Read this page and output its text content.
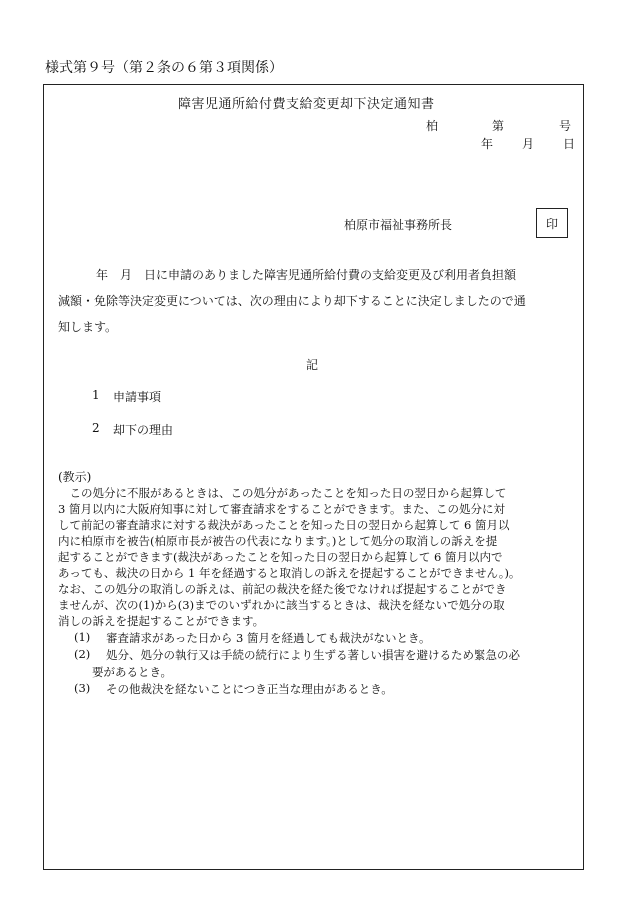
様式第９号（第２条の６第３項関係）
障害児通所給付費支給変更却下決定通知書
柏	第	号
年 月 日
柏原市福祉事務所長	印
年　月　日に申請のありました障害児通所給付費の支給変更及び利用者負担額
減額・免除等決定変更については、次の理由により却下することに決定しましたので通
知します。
記
1 申請事項
2 却下の理由
(教示)
　この処分に不服があるときは、この処分があったことを知った日の翌日から起算して
3 箇月以内に大阪府知事に対して審査請求をすることができます。また、この処分に対
して前記の審査請求に対する裁決があったことを知った日の翌日から起算して 6 箇月以
内に柏原市を被告(柏原市長が被告の代表になります。)として処分の取消しの訴えを提
起することができます(裁決があったことを知った日の翌日から起算して 6 箇月以内で
あっても、裁決の日から 1 年を経過すると取消しの訴えを提起することができません。)。
なお、この処分の取消しの訴えは、前記の裁決を経た後でなければ提起することができ
ませんが、次の(1)から(3)までのいずれかに該当するときは、裁決を経ないで処分の取
消しの訴えを提起することができます。
(1) 審査請求があった日から 3 箇月を経過しても裁決がないとき。
(2) 処分、処分の執行又は手続の続行により生ずる著しい損害を避けるため緊急の必
要があるとき。
(3) その他裁決を経ないことにつき正当な理由があるとき。
